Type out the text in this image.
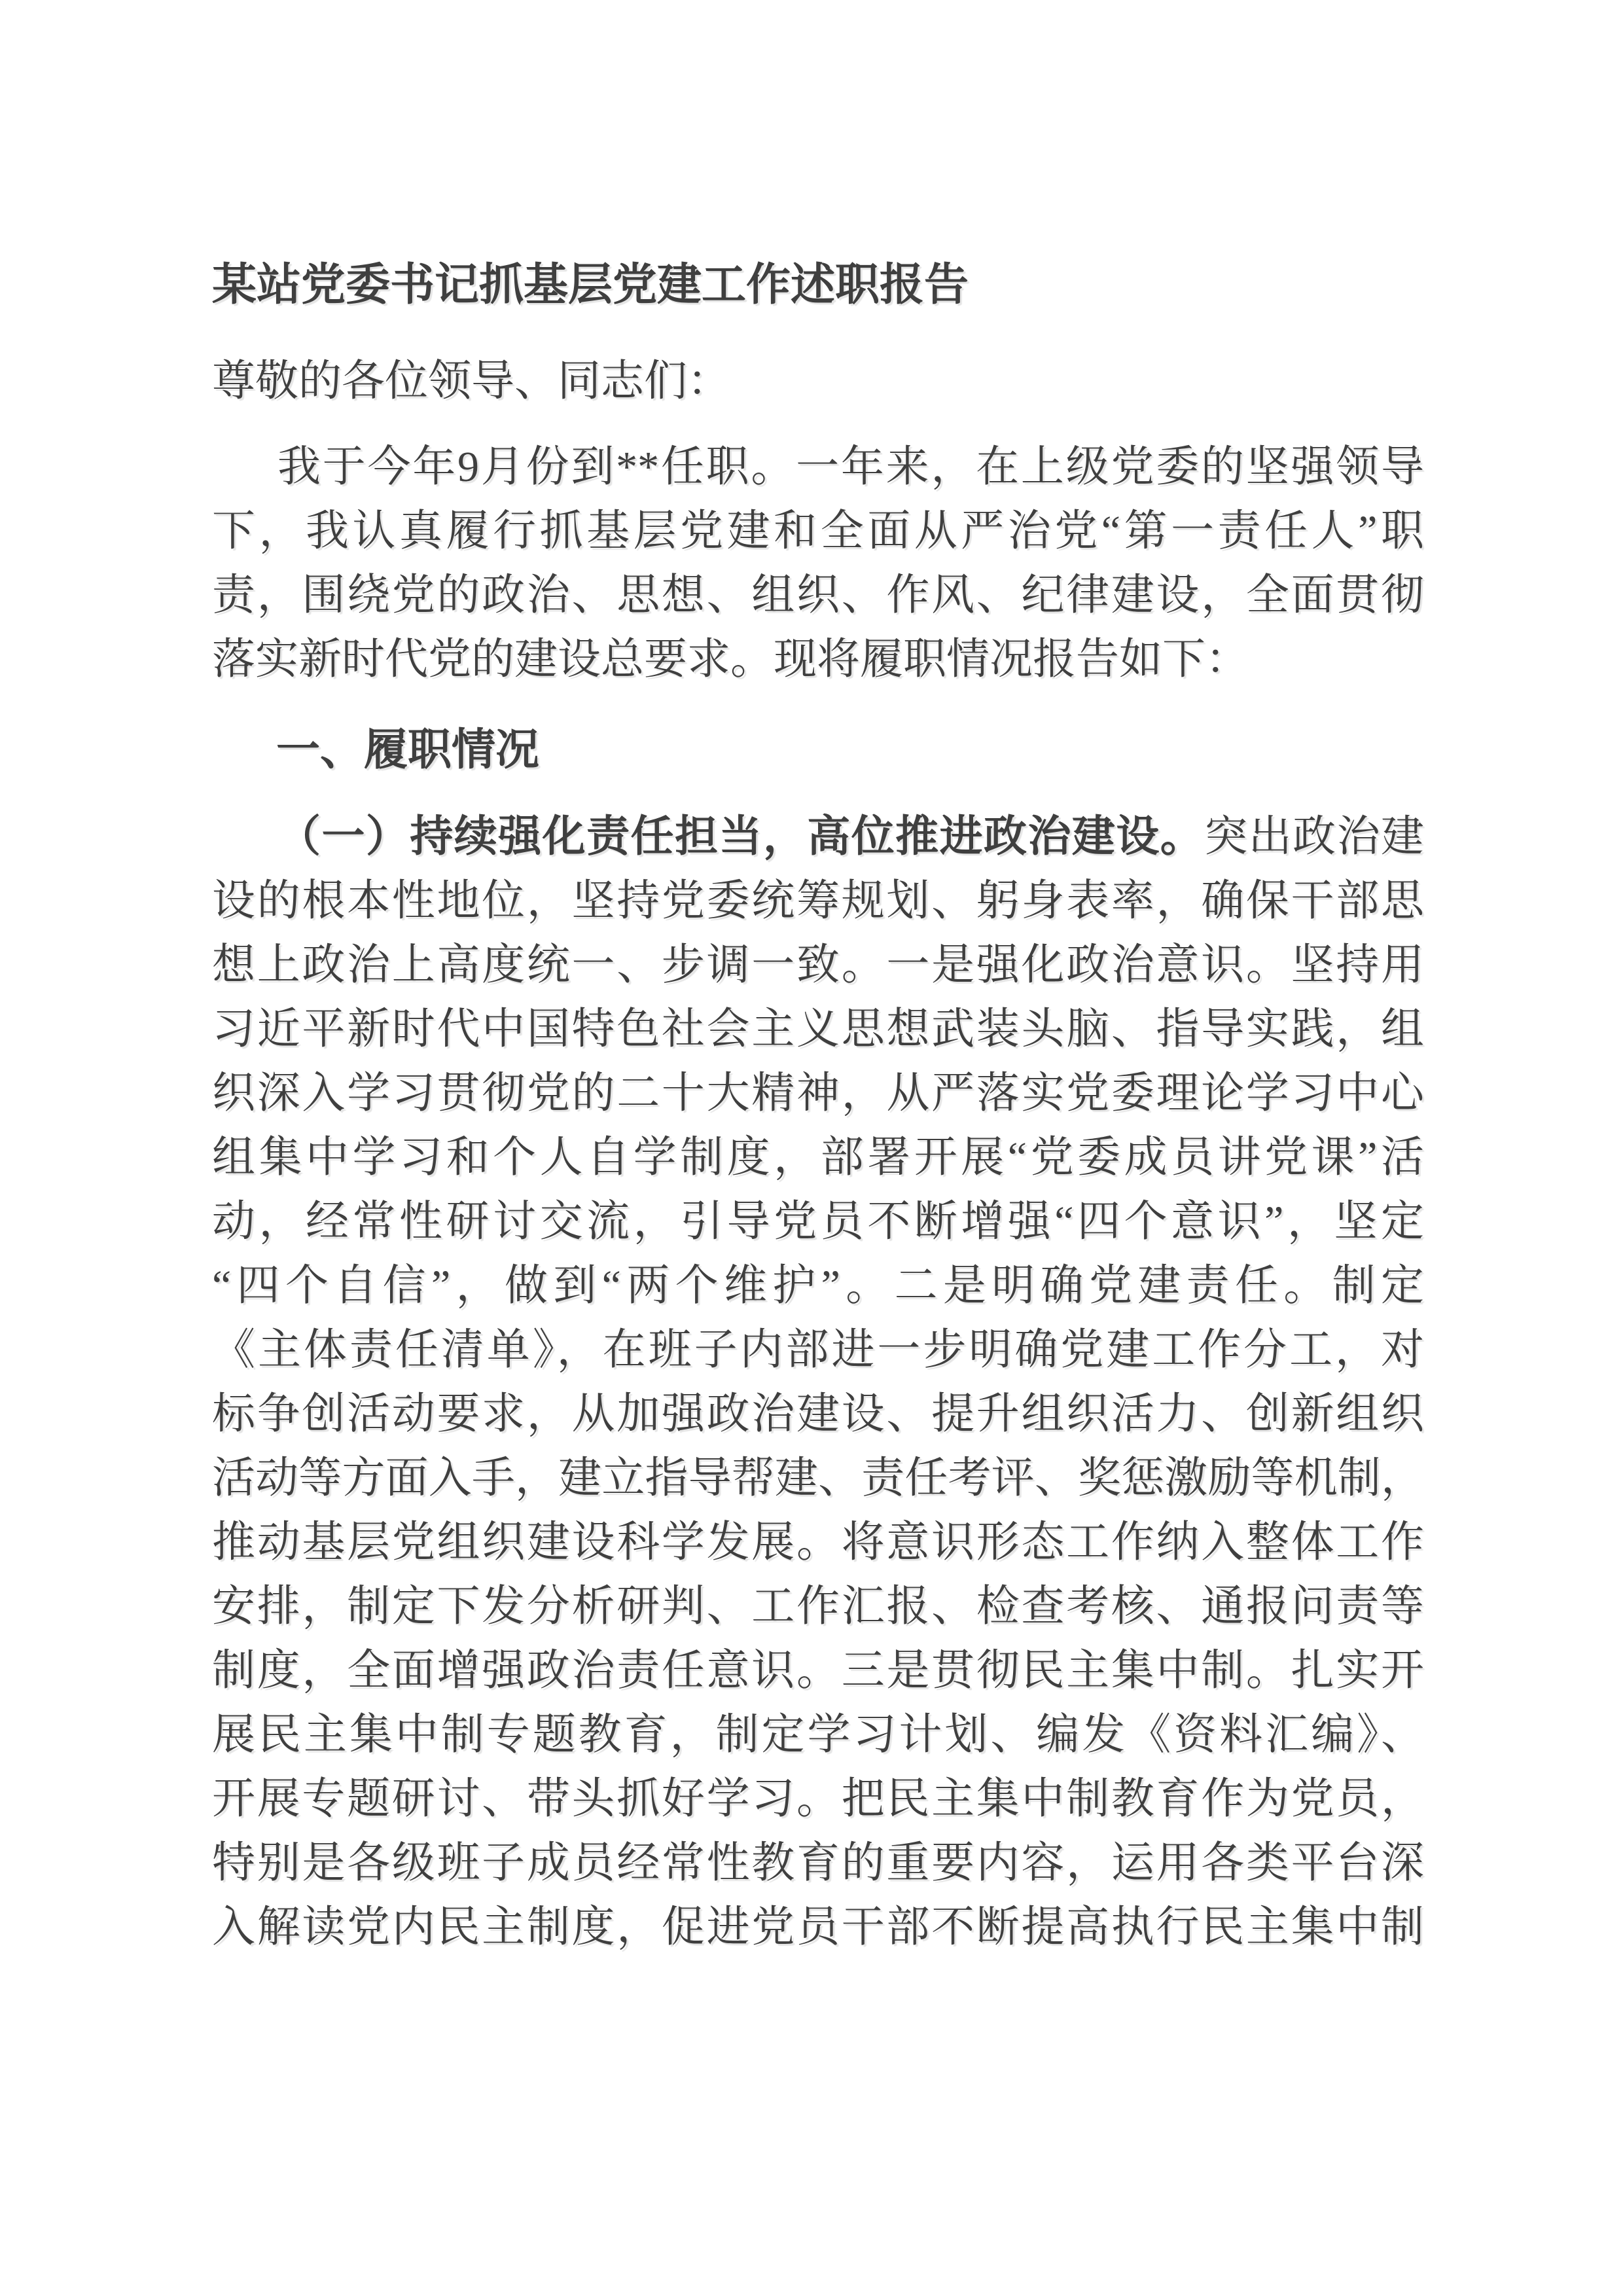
某站党委书记抓基层党建工作述职报告

尊敬的各位领导、同志们：

我于今年9月份到**任职。一年来，在上级党委的坚强领导
下，我认真履行抓基层党建和全面从严治党“第一责任人”职
责，围绕党的政治、思想、组织、作风、纪律建设，全面贯彻
落实新时代党的建设总要求。现将履职情况报告如下：
一、履职情况
（一）持续强化责任担当，高位推进政治建设。突出政治建
设的根本性地位，坚持党委统筹规划、躬身表率，确保干部思
想上政治上高度统一、步调一致。一是强化政治意识。坚持用
习近平新时代中国特色社会主义思想武装头脑、指导实践，组
织深入学习贯彻党的二十大精神，从严落实党委理论学习中心
组集中学习和个人自学制度，部署开展“党委成员讲党课”活
动，经常性研讨交流，引导党员不断增强“四个意识”，坚定
“四个自信”，做到“两个维护”。二是明确党建责任。制定
《主体责任清单》，在班子内部进一步明确党建工作分工，对
标争创活动要求，从加强政治建设、提升组织活力、创新组织
活动等方面入手，建立指导帮建、责任考评、奖惩激励等机制，
推动基层党组织建设科学发展。将意识形态工作纳入整体工作
安排，制定下发分析研判、工作汇报、检查考核、通报问责等
制度，全面增强政治责任意识。三是贯彻民主集中制。扎实开
展民主集中制专题教育，制定学习计划、编发《资料汇编》、
开展专题研讨、带头抓好学习。把民主集中制教育作为党员，
特别是各级班子成员经常性教育的重要内容，运用各类平台深
入解读党内民主制度，促进党员干部不断提高执行民主集中制
